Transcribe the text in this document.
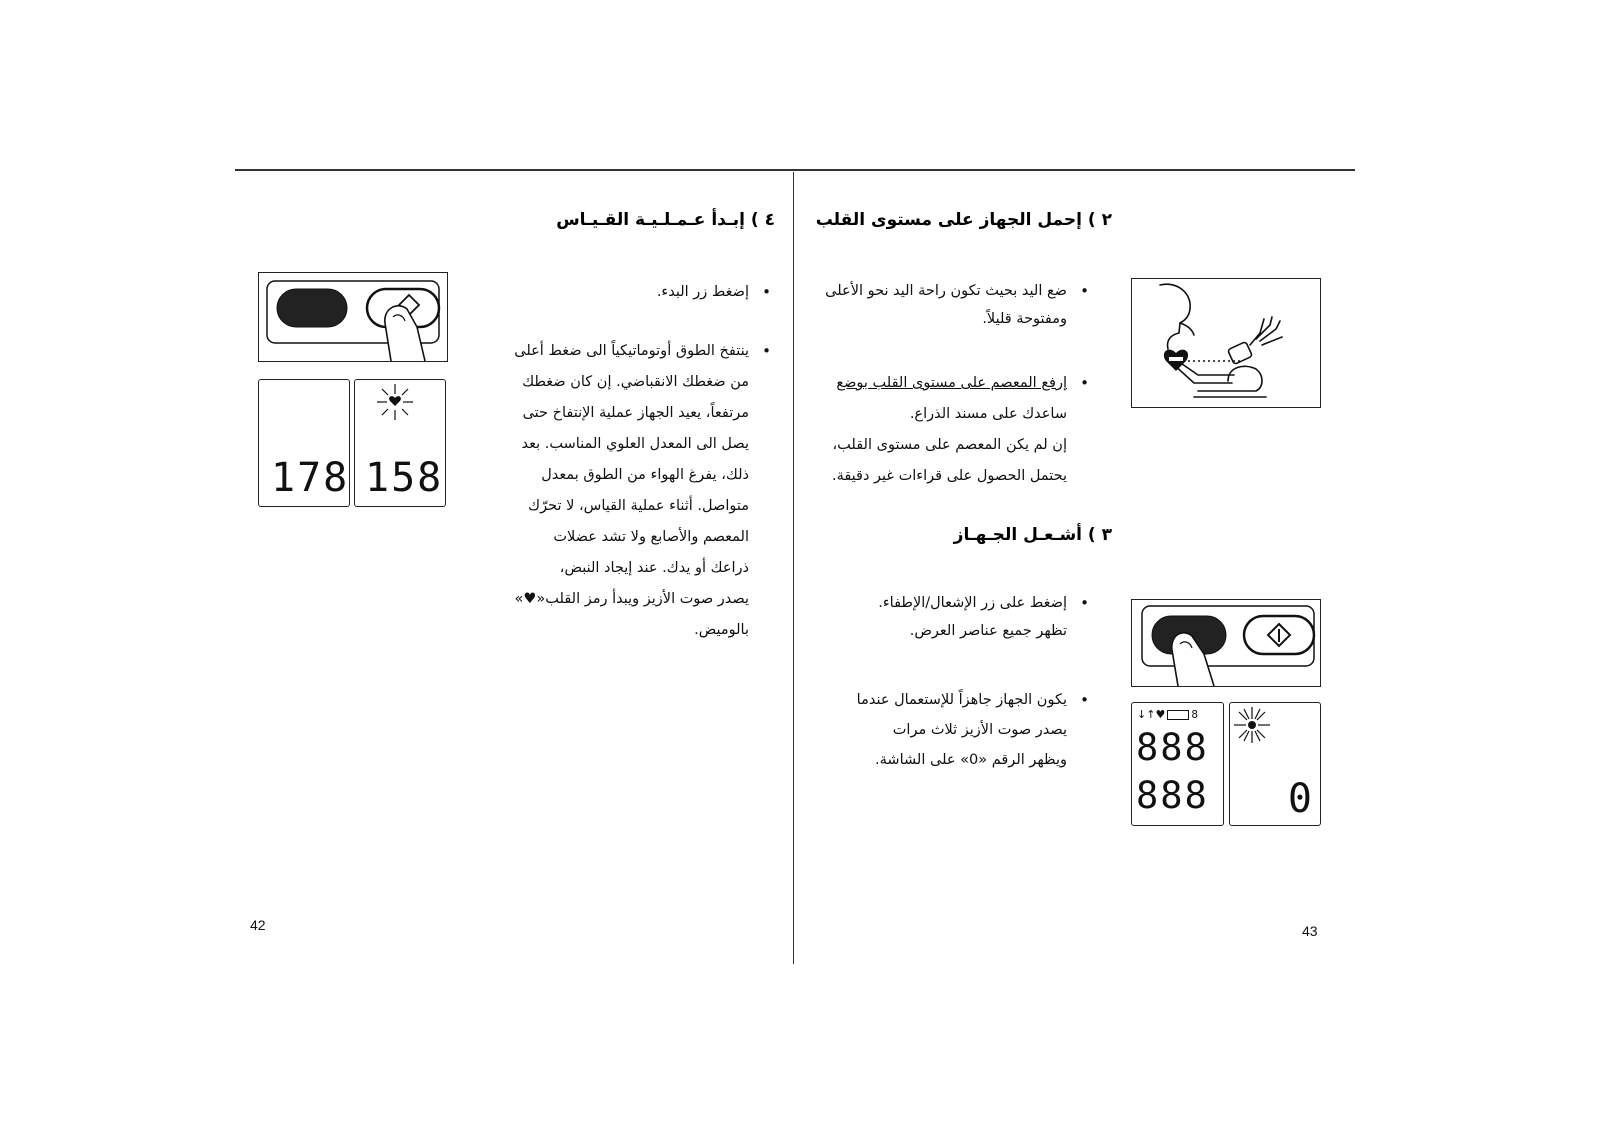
42	43
٢ ) إحمل الجهاز على مستوى القلب
• ضع اليد بحيث تكون راحة اليد نحو الأعلى
ومفتوحة قليلاً.
• إرفع المعصم على مستوى القلب بوضع
ساعدك على مسند الذراع.
إن لم يكن المعصم على مستوى القلب،
يحتمل الحصول على قراءات غير دقيقة.
٣ ) أشـعـل الجـهـاز
• إضغط على زر الإشعال/الإطفاء.
تظهر جميع عناصر العرض.
• يكون الجهاز جاهزاً للإستعمال عندما
يصدر صوت الأزيز ثلاث مرات
ويظهر الرقم «0» على الشاشة.
↓↑♥ 8
888
888 0
٤ ) إبـدأ عـمـلـيـة القـيـاس
• إضغط زر البدء.
• ينتفخ الطوق أوتوماتيكياً الى ضغط أعلى
من ضغطك الانقباضي. إن كان ضغطك
مرتفعاً، يعيد الجهاز عملية الإنتفاخ حتى
يصل الى المعدل العلوي المناسب. بعد
ذلك، يفرغ الهواء من الطوق بمعدل
متواصل. أثناء عملية القياس، لا تحرّك
المعصم والأصابع ولا تشد عضلات
ذراعك أو يدك. عند إيجاد النبض،
يصدر صوت الأزيز ويبدأ رمز القلب«♥»
بالوميض.
178 158
